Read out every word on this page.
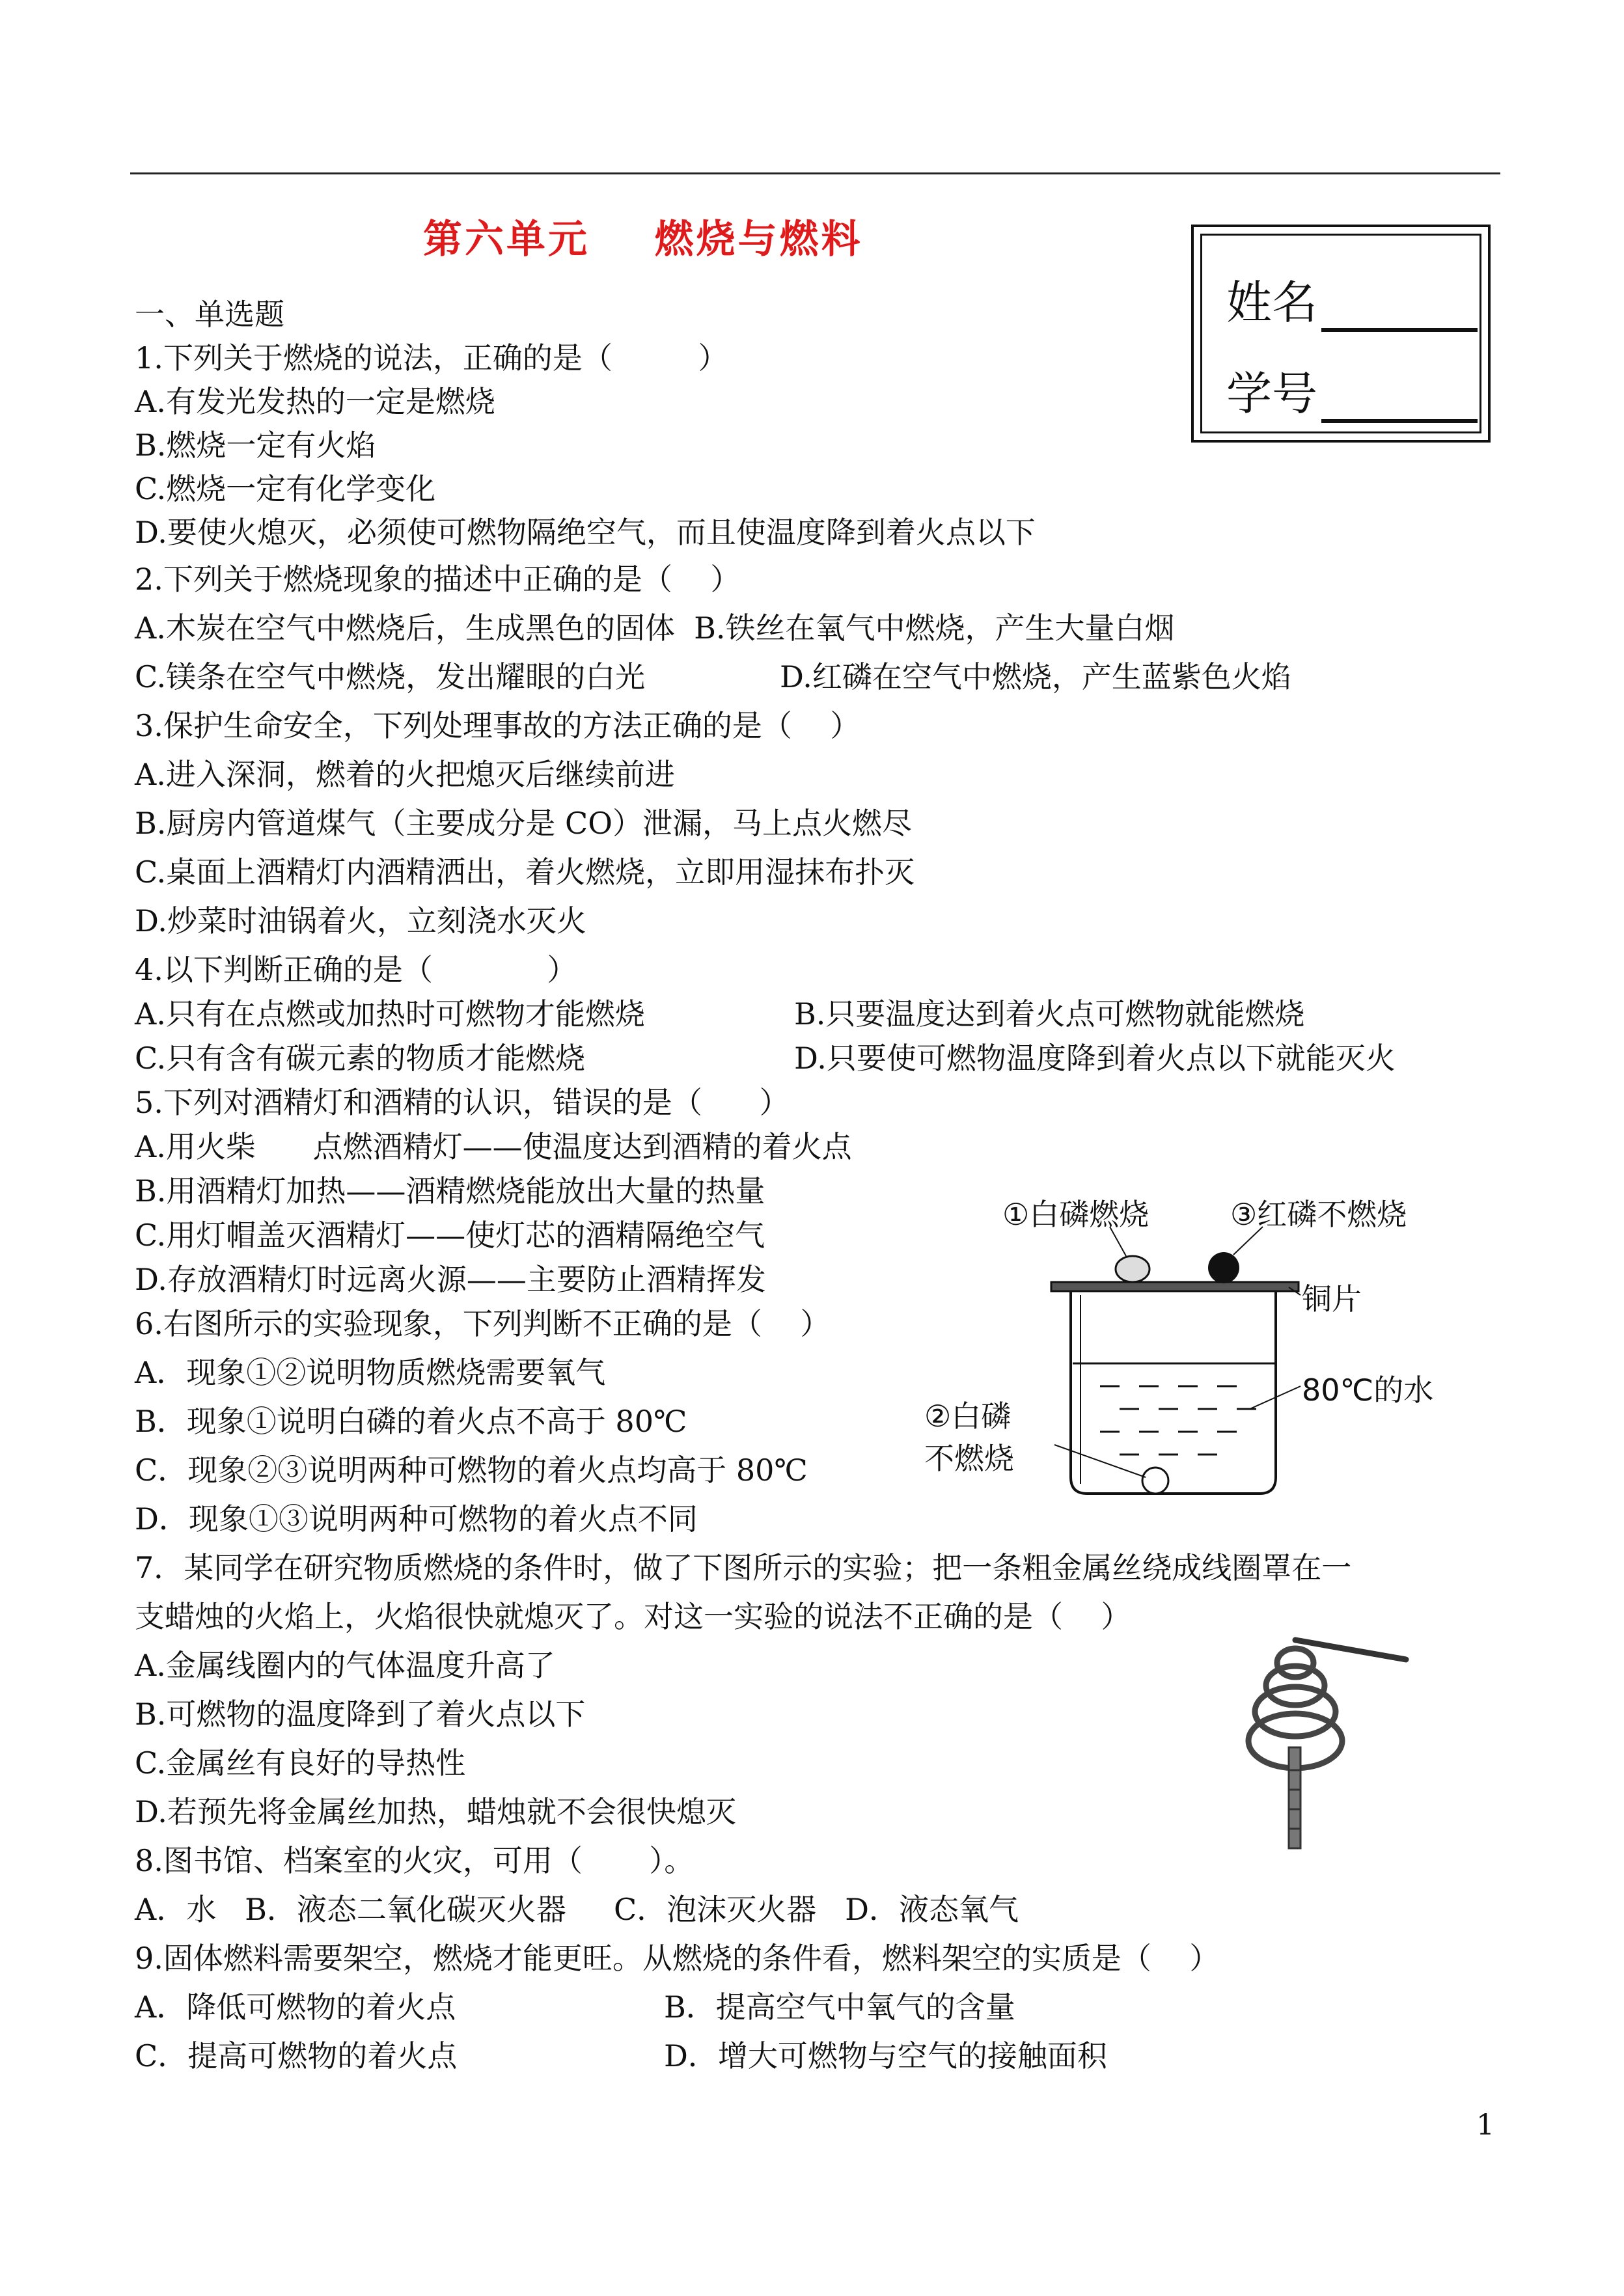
第六单元    燃烧与燃料
姓名
学号
一、单选题
1.下列关于燃烧的说法，正确的是（         ）
A.有发光发热的一定是燃烧
B.燃烧一定有火焰
C.燃烧一定有化学变化
D.要使火熄灭，必须使可燃物隔绝空气，而且使温度降到着火点以下
2.下列关于燃烧现象的描述中正确的是（    ）
A.木炭在空气中燃烧后，生成黑色的固体  B.铁丝在氧气中燃烧，产生大量白烟
C.镁条在空气中燃烧，发出耀眼的白光	D.红磷在空气中燃烧，产生蓝紫色火焰
3.保护生命安全，下列处理事故的方法正确的是（    ）
A.进入深洞，燃着的火把熄灭后继续前进
B.厨房内管道煤气（主要成分是 CO）泄漏，马上点火燃尽
C.桌面上酒精灯内酒精洒出，着火燃烧，立即用湿抹布扑灭
D.炒菜时油锅着火，立刻浇水灭火
4.以下判断正确的是（            ）
A.只有在点燃或加热时可燃物才能燃烧	B.只要温度达到着火点可燃物就能燃烧
C.只有含有碳元素的物质才能燃烧	D.只要使可燃物温度降到着火点以下就能灭火
5.下列对酒精灯和酒精的认识，错误的是（      ）
A.用火柴      点燃酒精灯——使温度达到酒精的着火点
B.用酒精灯加热——酒精燃烧能放出大量的热量
C.用灯帽盖灭酒精灯——使灯芯的酒精隔绝空气
D.存放酒精灯时远离火源——主要防止酒精挥发
6.右图所示的实验现象，下列判断不正确的是（    ）
A．现象①②说明物质燃烧需要氧气
B．现象①说明白磷的着火点不高于 80℃
C．现象②③说明两种可燃物的着火点均高于 80℃
D．现象①③说明两种可燃物的着火点不同
7．某同学在研究物质燃烧的条件时，做了下图所示的实验；把一条粗金属丝绕成线圈罩在一
支蜡烛的火焰上，火焰很快就熄灭了。对这一实验的说法不正确的是（    ）
A.金属线圈内的气体温度升高了
B.可燃物的温度降到了着火点以下
C.金属丝有良好的导热性
D.若预先将金属丝加热，蜡烛就不会很快熄灭
8.图书馆、档案室的火灾，可用（       ）。
A．水   B．液态二氧化碳灭火器     C．泡沫灭火器   D．液态氧气
9.固体燃料需要架空，燃烧才能更旺。从燃烧的条件看，燃料架空的实质是（    ）
A．降低可燃物的着火点	B．提高空气中氧气的含量
C．提高可燃物的着火点	D．增大可燃物与空气的接触面积
①白磷燃烧	③红磷不燃烧
铜片
80℃的水
②白磷
不燃烧
1
